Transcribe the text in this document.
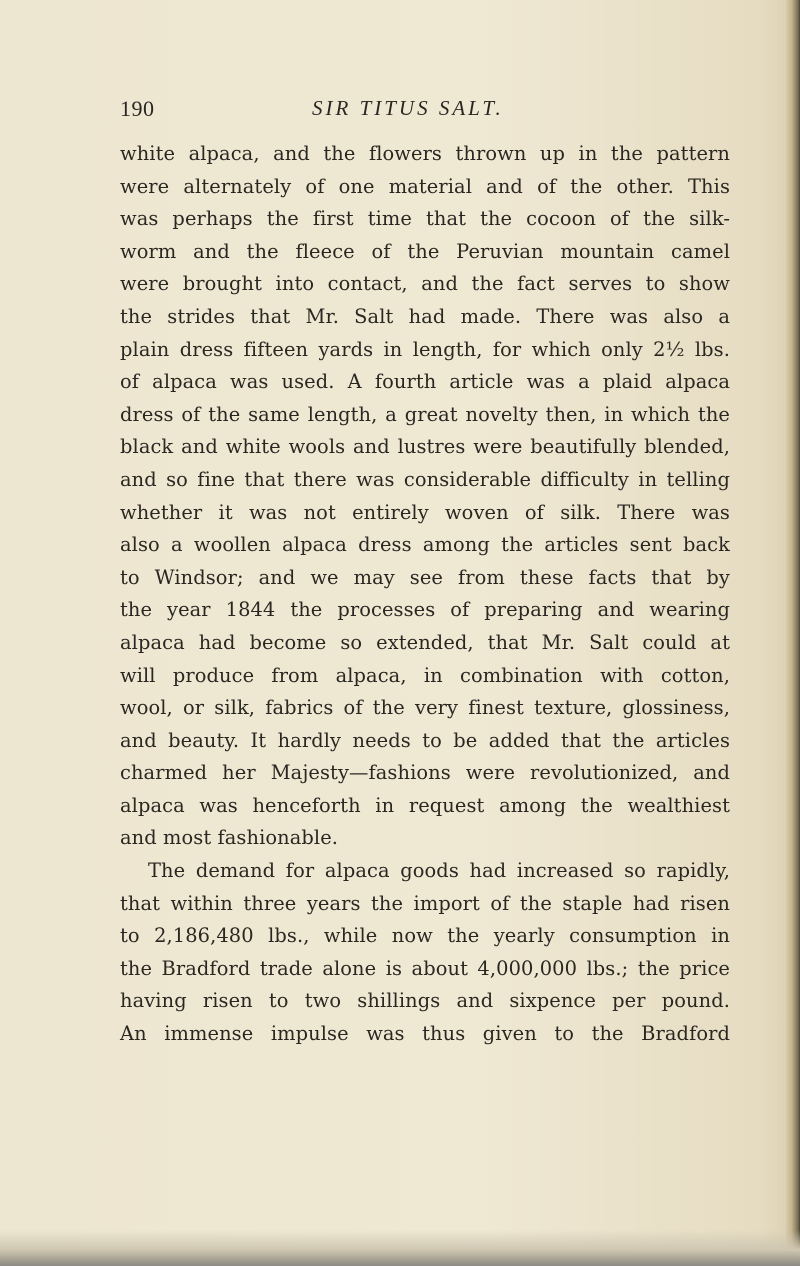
190	SIR TITUS SALT.
white alpaca, and the flowers thrown up in the pattern
were alternately of one material and of the other. This
was perhaps the first time that the cocoon of the silk-
worm and the fleece of the Peruvian mountain camel
were brought into contact, and the fact serves to show
the strides that Mr. Salt had made. There was also a
plain dress fifteen yards in length, for which only 2½ lbs.
of alpaca was used. A fourth article was a plaid alpaca
dress of the same length, a great novelty then, in which the
black and white wools and lustres were beautifully blended,
and so fine that there was considerable difficulty in telling
whether it was not entirely woven of silk. There was
also a woollen alpaca dress among the articles sent back
to Windsor; and we may see from these facts that by
the year 1844 the processes of preparing and wearing
alpaca had become so extended, that Mr. Salt could at
will produce from alpaca, in combination with cotton,
wool, or silk, fabrics of the very finest texture, glossiness,
and beauty. It hardly needs to be added that the articles
charmed her Majesty—fashions were revolutionized, and
alpaca was henceforth in request among the wealthiest
and most fashionable.
The demand for alpaca goods had increased so rapidly,
that within three years the import of the staple had risen
to 2,186,480 lbs., while now the yearly consumption in
the Bradford trade alone is about 4,000,000 lbs.; the price
having risen to two shillings and sixpence per pound.
An immense impulse was thus given to the Bradford
